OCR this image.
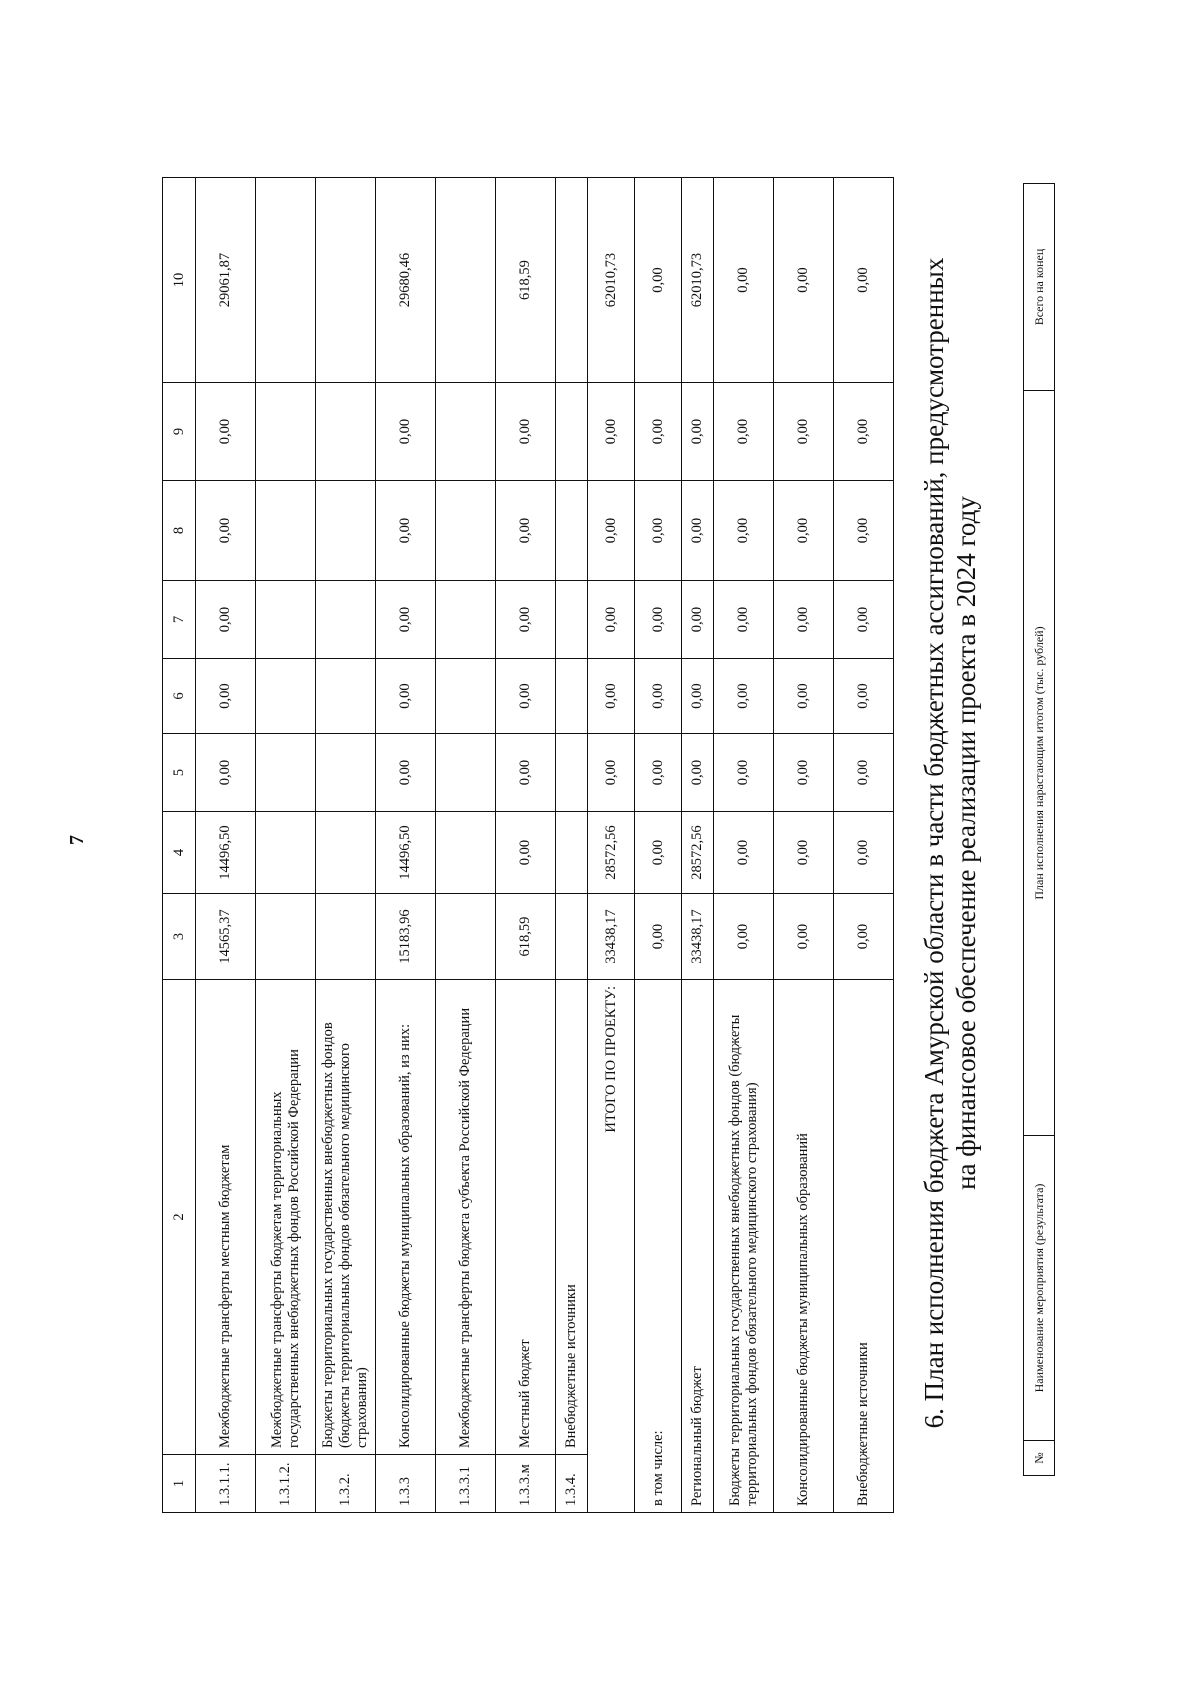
7
1	2	3	4	5	6	7	8	9	10
1.3.1.1.	Межбюджетные трансферты местным бюджетам	14565,37	14496,50	0,00	0,00	0,00	0,00	0,00	29061,87
1.3.1.2.	Межбюджетные трансферты бюджетам территориальных государственных внебюджетных фондов Российской Федерации								
1.3.2.	Бюджеты территориальных государственных внебюджетных фондов (бюджеты территориальных фондов обязательного медицинского страхования)								
1.3.3	Консолидированные бюджеты муниципальных образований, из них:	15183,96	14496,50	0,00	0,00	0,00	0,00	0,00	29680,46
1.3.3.1	Межбюджетные трансферты бюджета субъекта Российской Федерации								
1.3.3.м	Местный бюджет	618,59	0,00	0,00	0,00	0,00	0,00	0,00	618,59
1.3.4.	Внебюджетные источники								
ИТОГО ПО ПРОЕКТУ:		33438,17	28572,56	0,00	0,00	0,00	0,00	0,00	62010,73
в том числе:		0,00	0,00	0,00	0,00	0,00	0,00	0,00	0,00
Региональный бюджет		33438,17	28572,56	0,00	0,00	0,00	0,00	0,00	62010,73
Бюджеты территориальных государственных внебюджетных фондов (бюджеты территориальных фондов обязательного медицинского страхования)		0,00	0,00	0,00	0,00	0,00	0,00	0,00	0,00
Консолидированные бюджеты муниципальных образований		0,00	0,00	0,00	0,00	0,00	0,00	0,00	0,00
Внебюджетные источники		0,00	0,00	0,00	0,00	0,00	0,00	0,00	0,00 6. План исполнения бюджета Амурской области в части бюджетных ассигнований, предусмотренных на финансовое обеспечение реализации проекта в 2024 году
№	Наименование мероприятия (результата)	План исполнения нарастающим итогом (тыс. рублей)	Всего на конец
